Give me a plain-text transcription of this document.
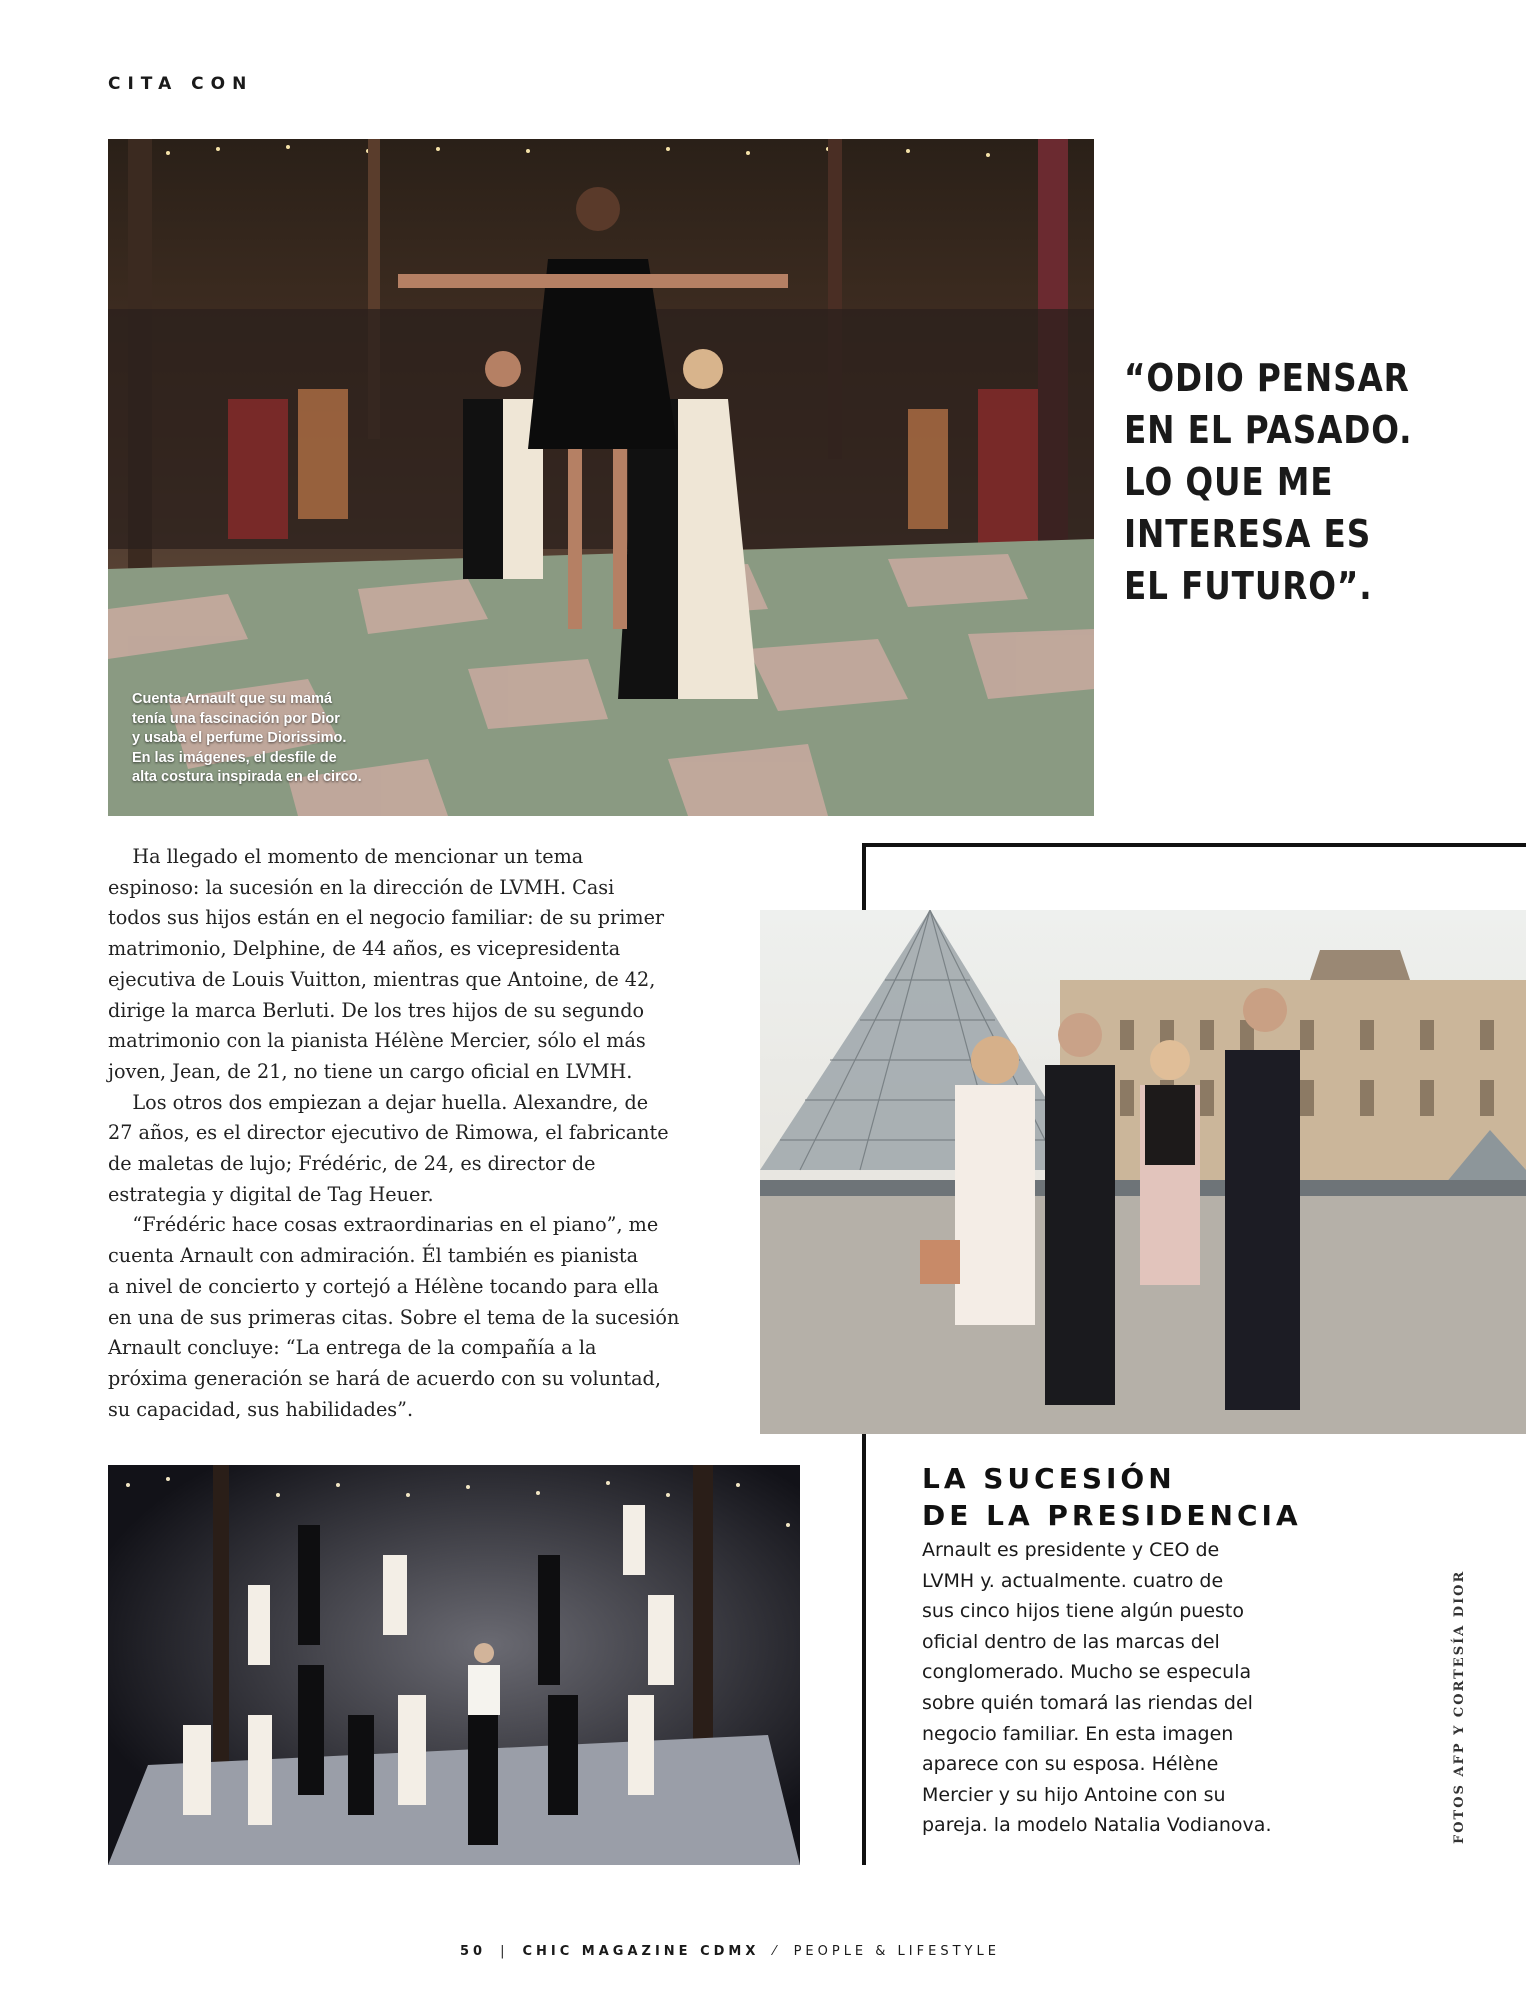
CITA CON
Cuenta Arnault que su mamá
tenía una fascinación por Dior
y usaba el perfume Diorissimo.
En las imágenes, el desfile de
alta costura inspirada en el circo.
“ODIO PENSAR
EN EL PASADO.
LO QUE ME
INTERESA ES
EL FUTURO”.
Ha llegado el momento de mencionar un tema
espinoso: la sucesión en la dirección de LVMH. Casi
todos sus hijos están en el negocio familiar: de su primer
matrimonio, Delphine, de 44 años, es vicepresidenta
ejecutiva de Louis Vuitton, mientras que Antoine, de 42,
dirige la marca Berluti. De los tres hijos de su segundo
matrimonio con la pianista Hélène Mercier, sólo el más
joven, Jean, de 21, no tiene un cargo oficial en LVMH.
Los otros dos empiezan a dejar huella. Alexandre, de
27 años, es el director ejecutivo de Rimowa, el fabricante
de maletas de lujo; Frédéric, de 24, es director de
estrategia y digital de Tag Heuer.
“Frédéric hace cosas extraordinarias en el piano”, me
cuenta Arnault con admiración. Él también es pianista
a nivel de concierto y cortejó a Hélène tocando para ella
en una de sus primeras citas. Sobre el tema de la sucesión
Arnault concluye: “La entrega de la compañía a la
próxima generación se hará de acuerdo con su voluntad,
su capacidad, sus habilidades”.
LA SUCESIÓN
DE LA PRESIDENCIA
Arnault es presidente y CEO de
LVMH y. actualmente. cuatro de
sus cinco hijos tiene algún puesto
oficial dentro de las marcas del
conglomerado. Mucho se especula
sobre quién tomará las riendas del
negocio familiar. En esta imagen
aparece con su esposa. Hélène
Mercier y su hijo Antoine con su
pareja. la modelo Natalia Vodianova.	FOTOS AFP Y CORTESÍA DIOR
50 | CHIC MAGAZINE CDMX ⁄ PEOPLE & LIFESTYLE
